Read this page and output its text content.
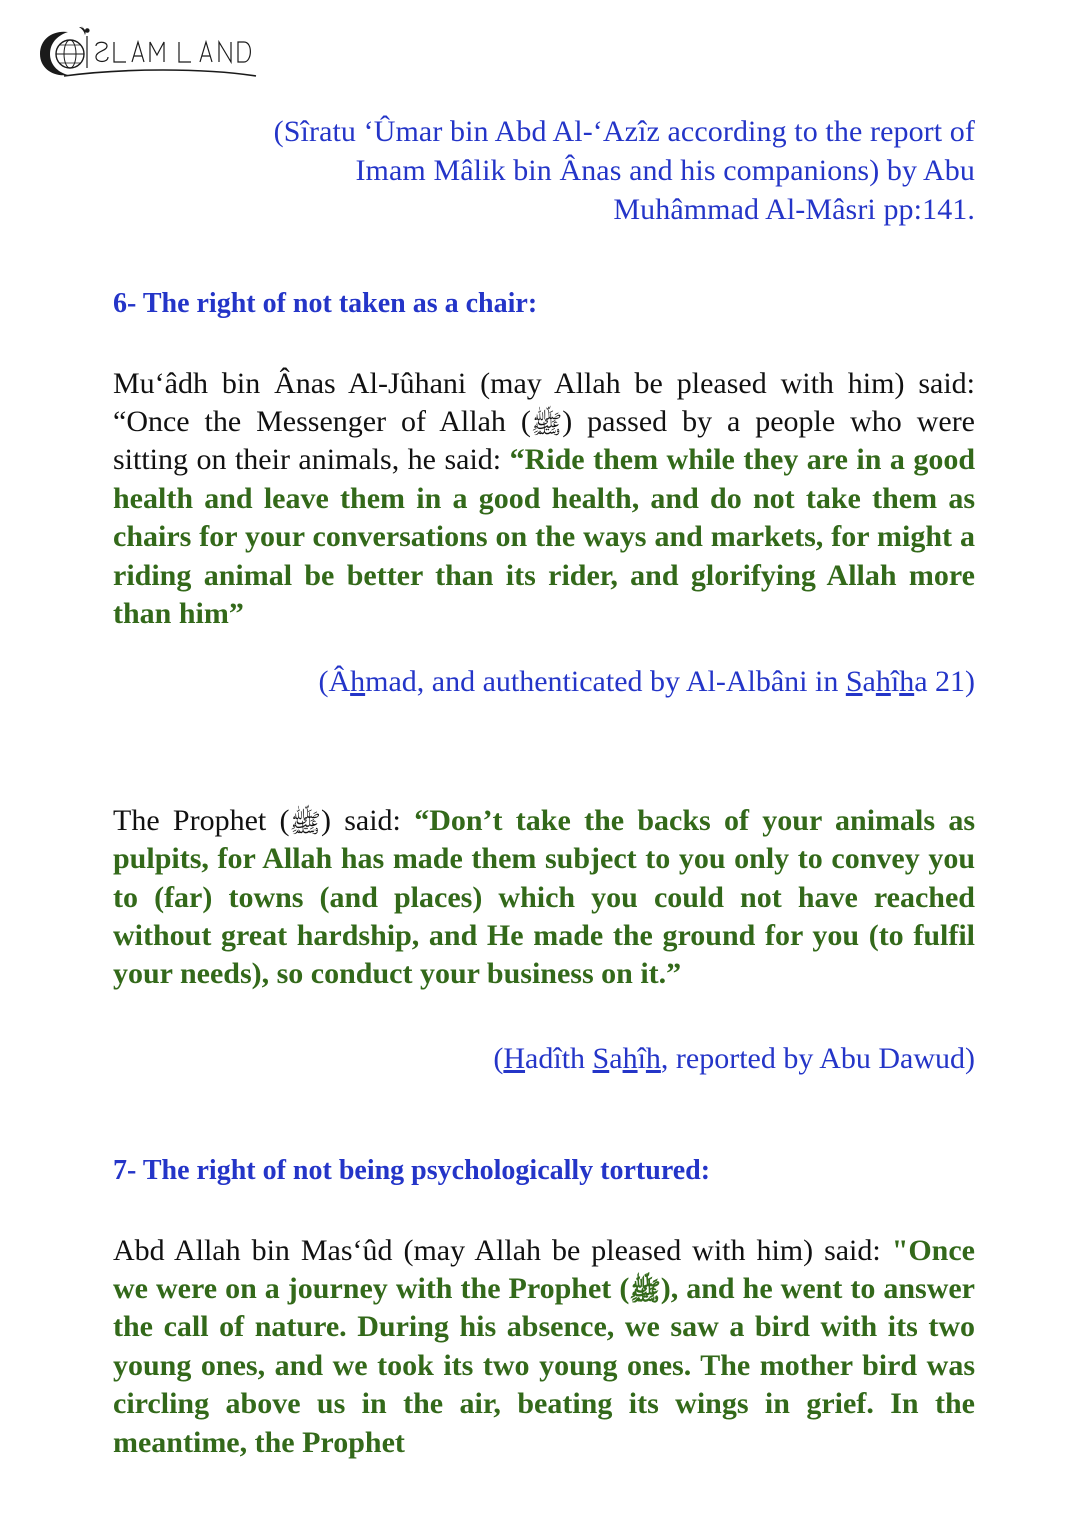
(Sîratu ʻÛmar bin Abd Al-ʻAzîz according to the report of
Imam Mâlik bin Ânas and his companions) by Abu
Muhâmmad Al-Mâsri pp:141.
6- The right of not taken as a chair:

Muʻâdh bin Ânas Al-Jûhani (may Allah be pleased with him) said: “Once the Messenger of Allah (ﷺ) passed by a people who were sitting on their animals, he said: “Ride them while they are in a good health and leave them in a good health, and do not take them as chairs for your conversations on the ways and markets, for might a riding animal be better than its rider, and glorifying Allah more than him”

(Âhmad, and authenticated by Al-Albâni in Sahîha 21)

The Prophet (ﷺ) said: “Don’t take the backs of your animals as pulpits, for Allah has made them subject to you only to convey you to (far) towns (and places) which you could not have reached without great hardship, and He made the ground for you (to fulfil your needs), so conduct your business on it.”

(Hadîth Sahîh, reported by Abu Dawud)
7- The right of not being psychologically tortured:

Abd Allah bin Masʻûd (may Allah be pleased with him) said: "Once we were on a journey with the Prophet (ﷺ), and he went to answer the call of nature. During his absence, we saw a bird with its two young ones, and we took its two young ones. The mother bird was circling above us in the air, beating its wings in grief. In the meantime, the Prophet
